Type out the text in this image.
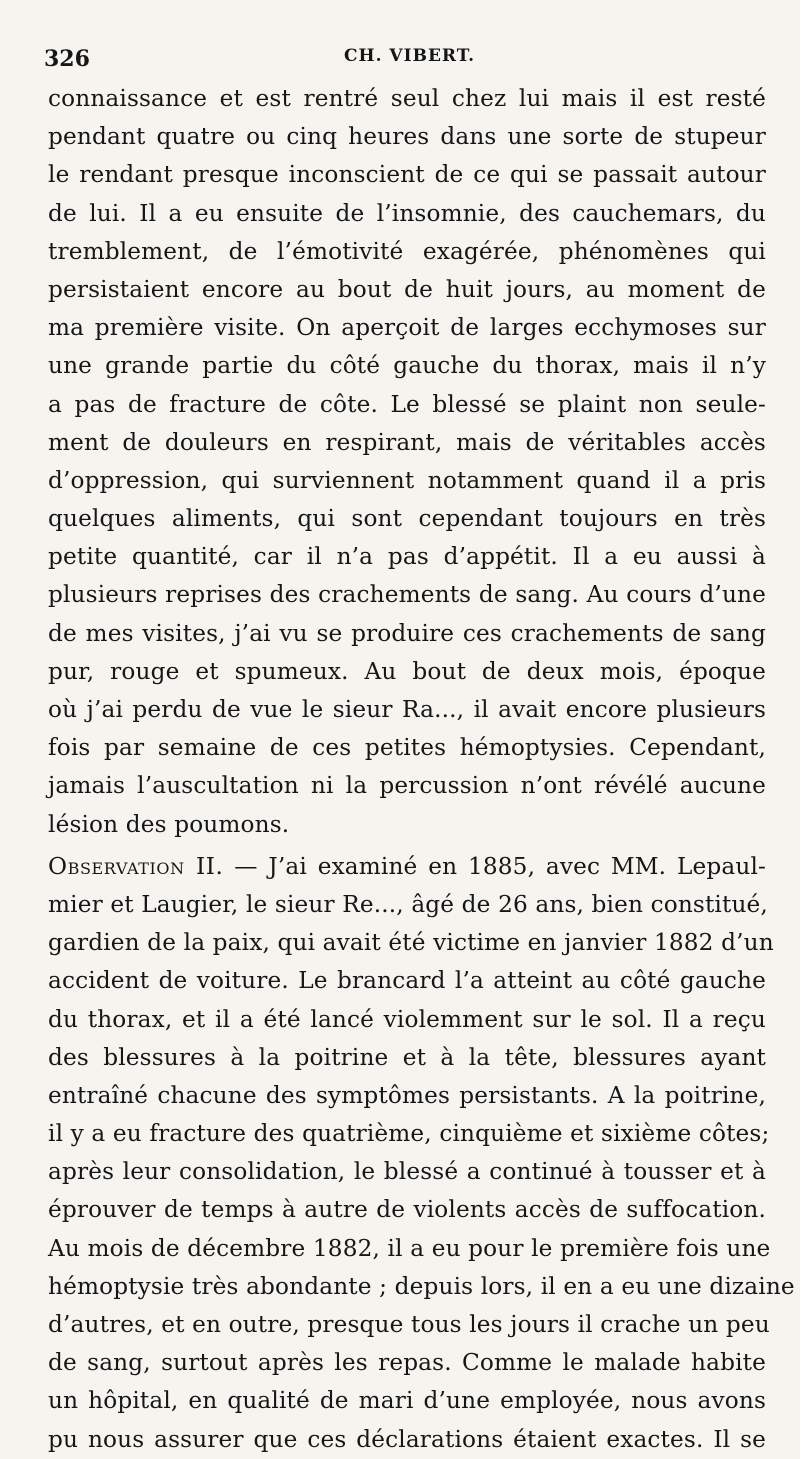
326	CH. VIBERT.
connaissance et est rentré seul chez lui mais il est resté
pendant quatre ou cinq heures dans une sorte de stupeur
le rendant presque inconscient de ce qui se passait autour
de lui. Il a eu ensuite de l’insomnie, des cauchemars, du
tremblement, de l’émotivité exagérée, phénomènes qui
persistaient encore au bout de huit jours, au moment de
ma première visite. On aperçoit de larges ecchymoses sur
une grande partie du côté gauche du thorax, mais il n’y
a pas de fracture de côte. Le blessé se plaint non seule-
ment de douleurs en respirant, mais de véritables accès
d’oppression, qui surviennent notamment quand il a pris
quelques aliments, qui sont cependant toujours en très
petite quantité, car il n’a pas d’appétit. Il a eu aussi à
plusieurs reprises des crachements de sang. Au cours d’une
de mes visites, j’ai vu se produire ces crachements de sang
pur, rouge et spumeux. Au bout de deux mois, époque
où j’ai perdu de vue le sieur Ra..., il avait encore plusieurs
fois par semaine de ces petites hémoptysies. Cependant,
jamais l’auscultation ni la percussion n’ont révélé aucune
lésion des poumons.
Observation II. — J’ai examiné en 1885, avec MM. Lepaul-
mier et Laugier, le sieur Re..., âgé de 26 ans, bien constitué,
gardien de la paix, qui avait été victime en janvier 1882 d’un
accident de voiture. Le brancard l’a atteint au côté gauche
du thorax, et il a été lancé violemment sur le sol. Il a reçu
des blessures à la poitrine et à la tête, blessures ayant
entraîné chacune des symptômes persistants. A la poitrine,
il y a eu fracture des quatrième, cinquième et sixième côtes;
après leur consolidation, le blessé a continué à tousser et à
éprouver de temps à autre de violents accès de suffocation.
Au mois de décembre 1882, il a eu pour le première fois une
hémoptysie très abondante ; depuis lors, il en a eu une dizaine
d’autres, et en outre, presque tous les jours il crache un peu
de sang, surtout après les repas. Comme le malade habite
un hôpital, en qualité de mari d’une employée, nous avons
pu nous assurer que ces déclarations étaient exactes. Il se
